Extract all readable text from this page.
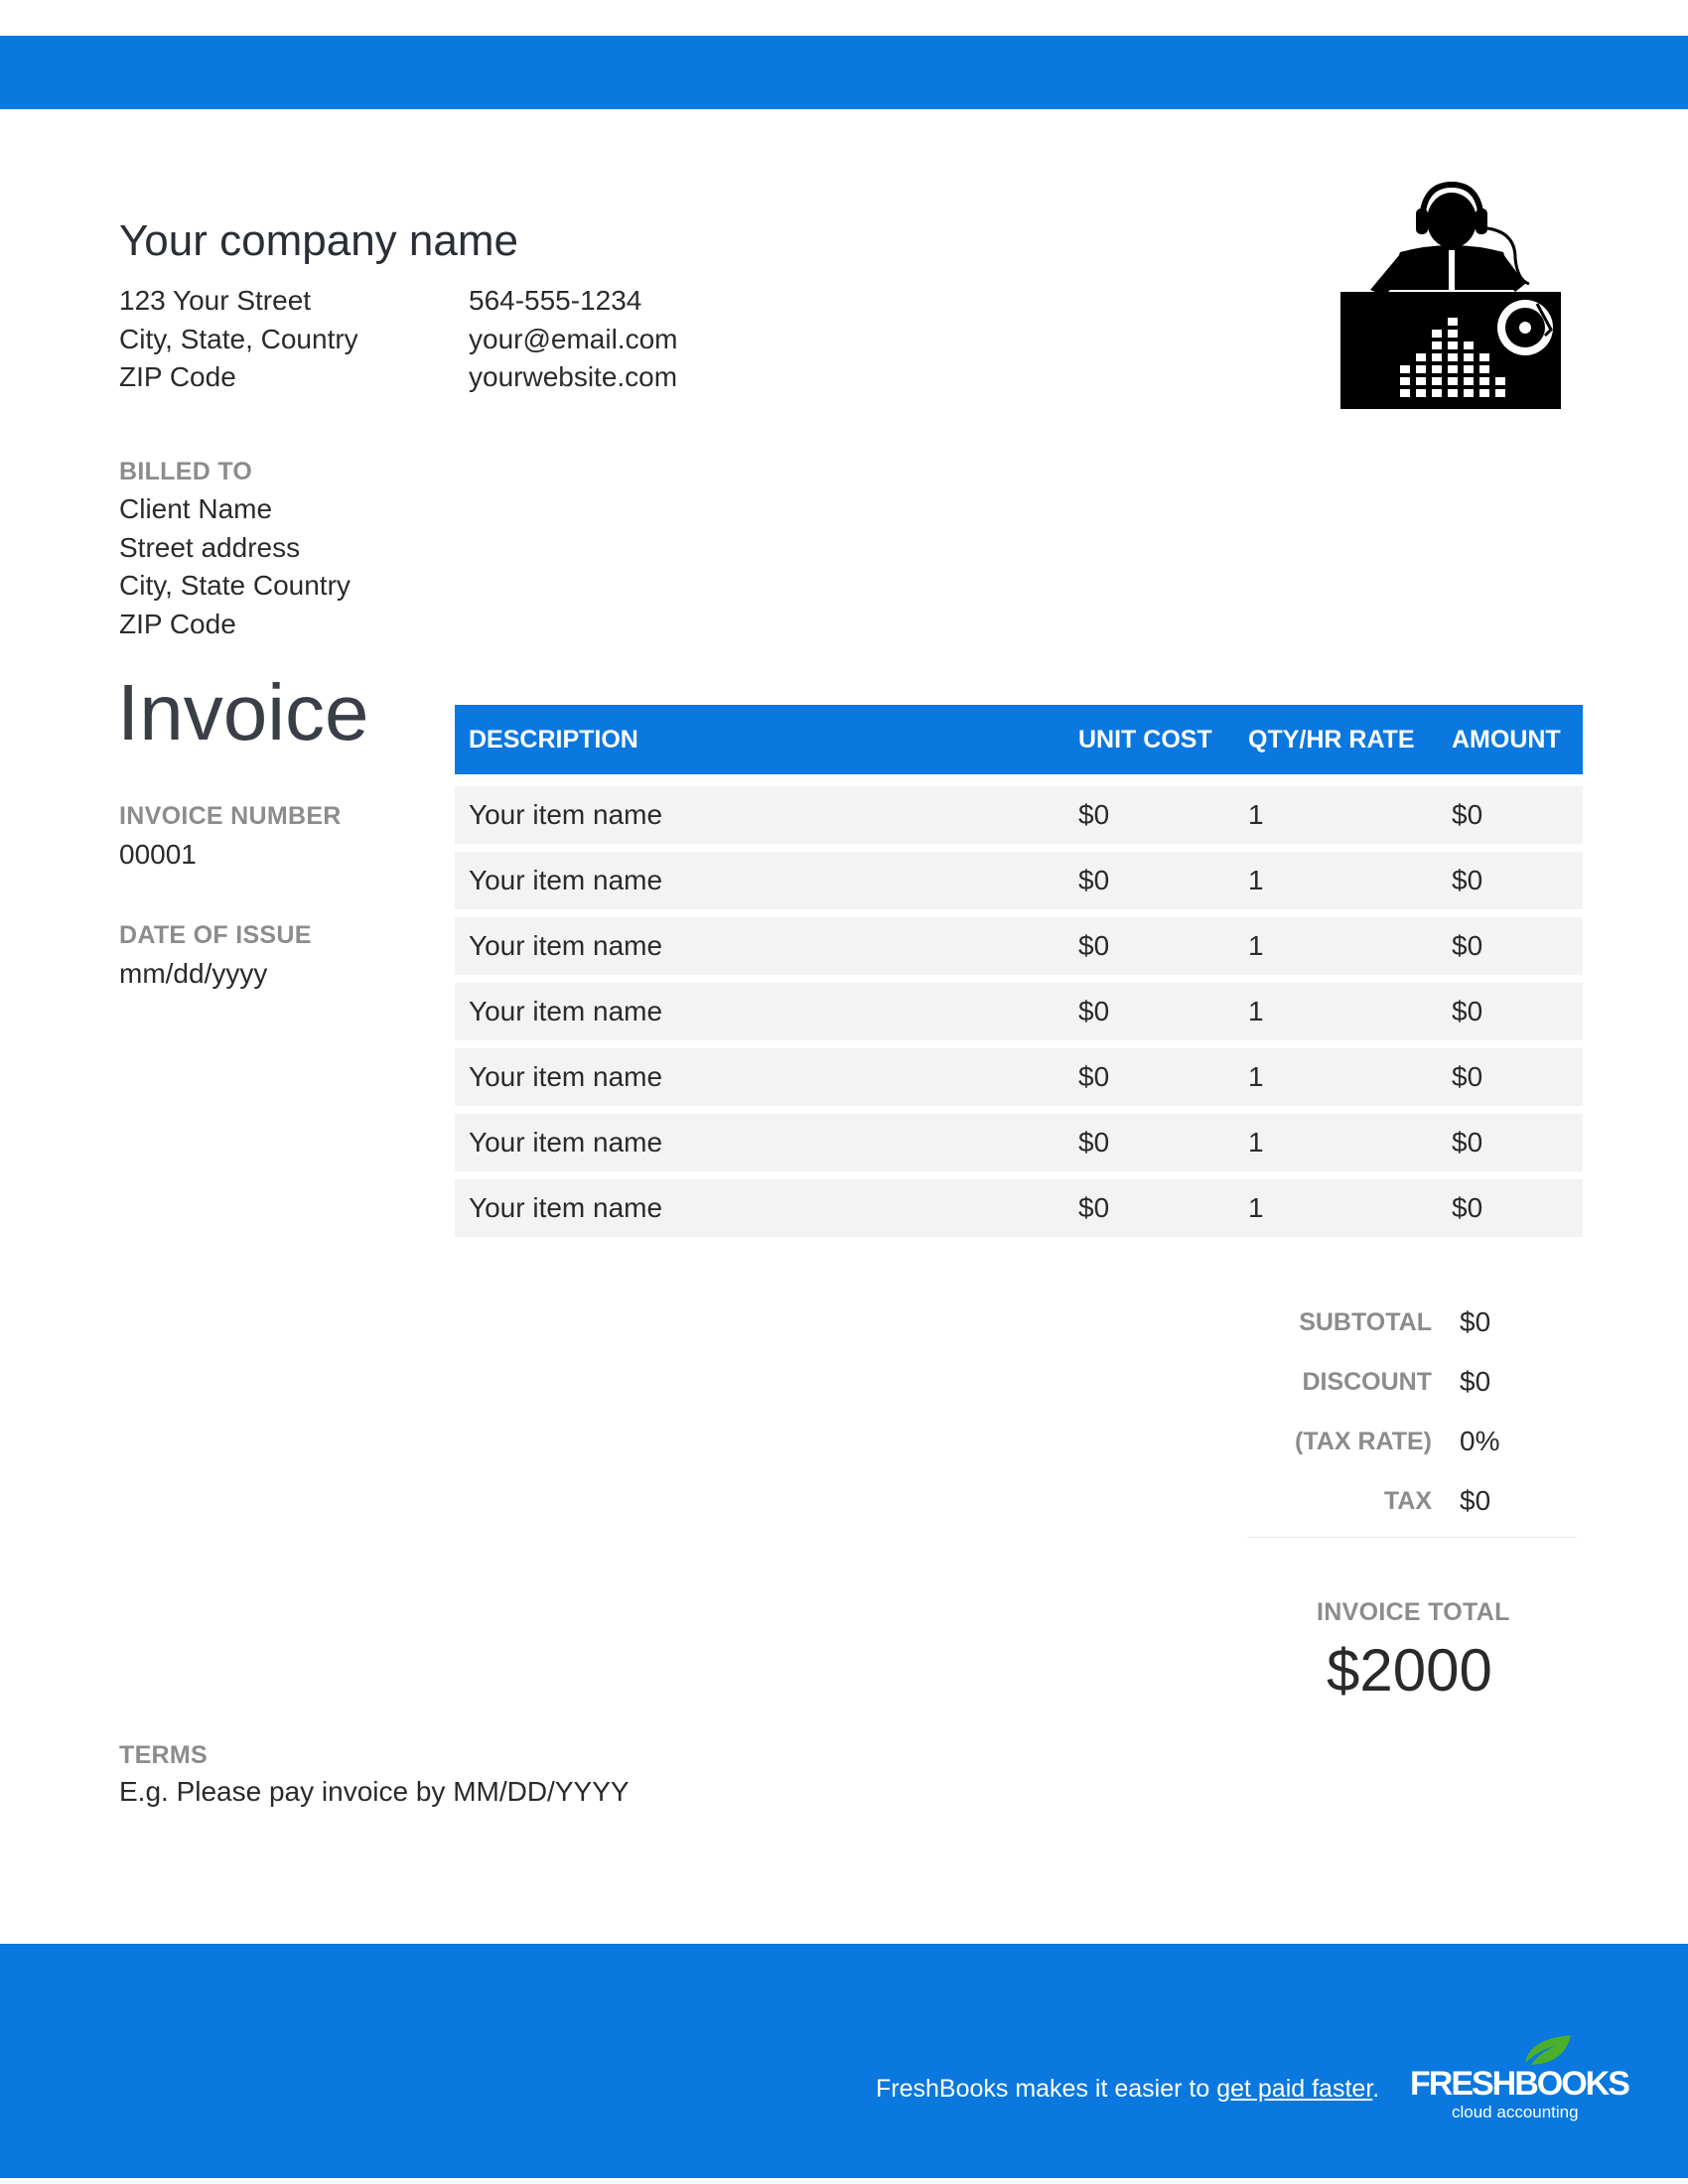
Your company name
123 Your Street
City, State, Country
ZIP Code
564-555-1234
your@email.com
yourwebsite.com
BILLED TO
Client Name
Street address
City, State Country
ZIP Code
Invoice
INVOICE NUMBER
00001
DATE OF ISSUE
mm/dd/yyyy
DESCRIPTION	UNIT COST	QTY/HR RATE	AMOUNT
Your item name	$0	1	$0
Your item name	$0	1	$0
Your item name	$0	1	$0
Your item name	$0	1	$0
Your item name	$0	1	$0
Your item name	$0	1	$0
Your item name	$0	1	$0
SUBTOTAL $0
DISCOUNT $0
(TAX RATE) 0%
TAX $0
INVOICE TOTAL
$2000
TERMS
E.g. Please pay invoice by MM/DD/YYYY
FreshBooks makes it easier to get paid faster. FRESHBOOKS
cloud accounting
